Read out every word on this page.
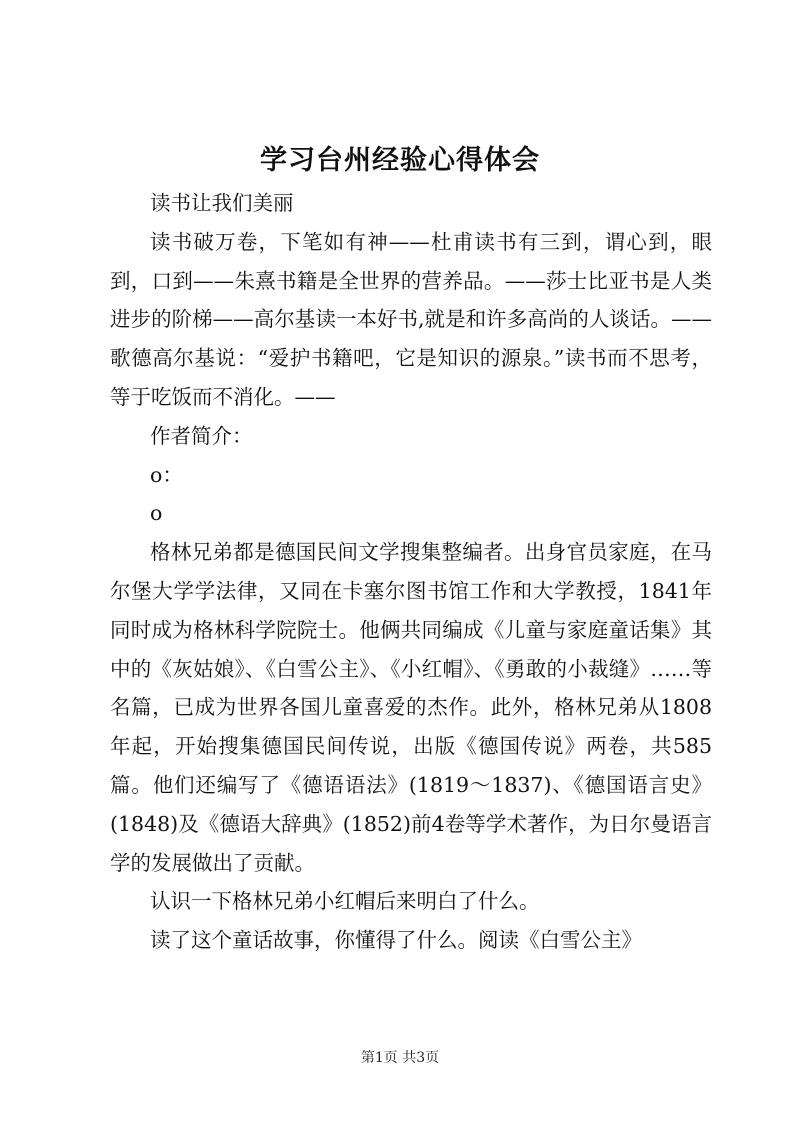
学习台州经验心得体会

读书让我们美丽

读书破万卷，下笔如有神——杜甫读书有三到，谓心到，眼到，口到——朱熹书籍是全世界的营养品。——莎士比亚书是人类进步的阶梯——高尔基读一本好书,就是和许多高尚的人谈话。——歌德高尔基说：“爱护书籍吧，它是知识的源泉。”读书而不思考，等于吃饭而不消化。——

作者简介：

o：

o

格林兄弟都是德国民间文学搜集整编者。出身官员家庭，在马尔堡大学学法律，又同在卡塞尔图书馆工作和大学教授，1841年同时成为格林科学院院士。他俩共同编成《儿童与家庭童话集》其中的《灰姑娘》、《白雪公主》、《小红帽》、《勇敢的小裁缝》……等名篇，已成为世界各国儿童喜爱的杰作。此外，格林兄弟从1808年起，开始搜集德国民间传说，出版《德国传说》两卷，共585篇。他们还编写了《德语语法》(1819～1837)、《德国语言史》(1848)及《德语大辞典》(1852)前4卷等学术著作，为日尔曼语言学的发展做出了贡献。

认识一下格林兄弟小红帽后来明白了什么。

读了这个童话故事，你懂得了什么。阅读《白雪公主》

第1页 共3页
